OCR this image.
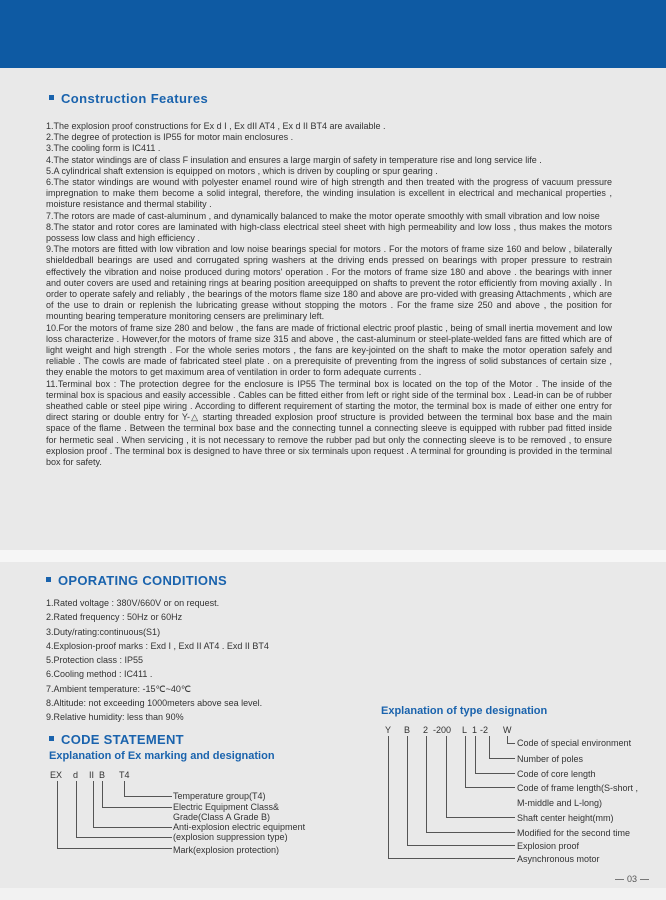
Construction Features

1.The explosion proof constructions for Ex d I , Ex dII AT4 , Ex d II BT4 are available .

2.The degree of protection is IP55 for motor main enclosures .

3.The cooling form is IC411 .

4.The stator windings are of class F insulation and ensures a large margin of safety in temperature rise and long service life .

5.A cylindrical shaft extension is equipped on motors , which is driven by coupling or spur gearing .

6.The stator windings are wound with polyester enamel round wire of high strength and then treated with the progress of vacuum pressure impregnation to make them become a solid integral, therefore, the winding insulation is excellent in electrical and mechanical properties , moisture resistance and thermal stability .

7.The rotors are made of cast-aluminum , and dynamically balanced to make the motor operate smoothly with small vibration and low noise

8.The stator and rotor cores are laminated with high-class electrical steel sheet with high permeability and low loss , thus makes the motors possess low class and high efficiency .

9.The motors are fitted with low vibration and low noise bearings special for motors . For the motors of frame size 160 and below , bilaterally shieldedball bearings are used and corrugated spring washers at the driving ends pressed on bearings with proper pressure to restrain effectively the vibration and noise produced during motors' operation . For the motors of frame size 180 and above . the bearings with inner and outer covers are used and retaining rings at bearing position areequipped on shafts to prevent the rotor efficiently from moving axially . In order to operate safely and reliably , the bearings of the motors flame size 180 and above are pro-vided with greasing Attachments , which are of the use to drain or replenish the lubricating grease without stopping the motors . For the frame size 250 and above , the position for mounting bearing temperature monitoring censers are preliminary left.

10.For the motors of frame size 280 and below , the fans are made of frictional electric proof plastic , being of small inertia movement and low loss characterize . However,for the motors of frame size 315 and above , the cast-aluminum or steel-plate-welded fans are fitted which are of light weight and high strength . For the whole series motors , the fans are key-jointed on the shaft to make the motor operation safely and reliable . The cowls are made of fabricated steel plate . on a prerequisite of preventing from the ingress of solid substances of certain size , they enable the motors to get maximum area of ventilation in order to form adequate currents .

11.Terminal box : The protection degree for the enclosure is IP55 The terminal box is located on the top of the Motor . The inside of the terminal box is spacious and easily accessible . Cables can be fitted either from left or right side of the terminal box . Lead-in can be of rubber sheathed cable or steel pipe wiring . According to different requirement of starting the motor, the terminal box is made of either one entry for direct staring or double entry for Y-△ starting threaded explosion proof structure is provided between the terminal box base and the main space of the flame . Between the terminal box base and the connecting tunnel a connecting sleeve is equipped with rubber pad fitted inside for hermetic seal . When servicing , it is not necessary to remove the rubber pad but only the connecting sleeve is to be removed , to ensure explosion proof . The terminal box is designed to have three or six terminals upon request . A terminal for grounding is provided in the terminal box for safety.

OPORATING CONDITIONS
1.Rated voltage : 380V/660V or on request.
2.Rated frequency : 50Hz or 60Hz
3.Duty/rating:continuous(S1)
4.Explosion-proof marks : Exd I , Exd II AT4 . Exd II BT4
5.Protection class : IP55
6.Cooling method : IC411 .
7.Ambient temperature: -15℃~40℃
8.Altitude: not exceeding 1000meters above sea level.
9.Relative humidity: less than 90%
CODE STATEMENT
Explanation of Ex marking and designation
EX d II B T4
Temperature group(T4)
Electric Equipment Class&
Grade(Class A Grade B)
Anti-explosion electric equipment
(explosion suppression type)
Mark(explosion protection)
Explanation of type designation
Y B 2 -200 L 1 -2 W
Code of special environment
Number of poles
Code of core length
Code of frame length(S-short ,
M-middle and L-long)
Shaft center height(mm)
Modified for the second time
Explosion proof
Asynchronous motor
03
